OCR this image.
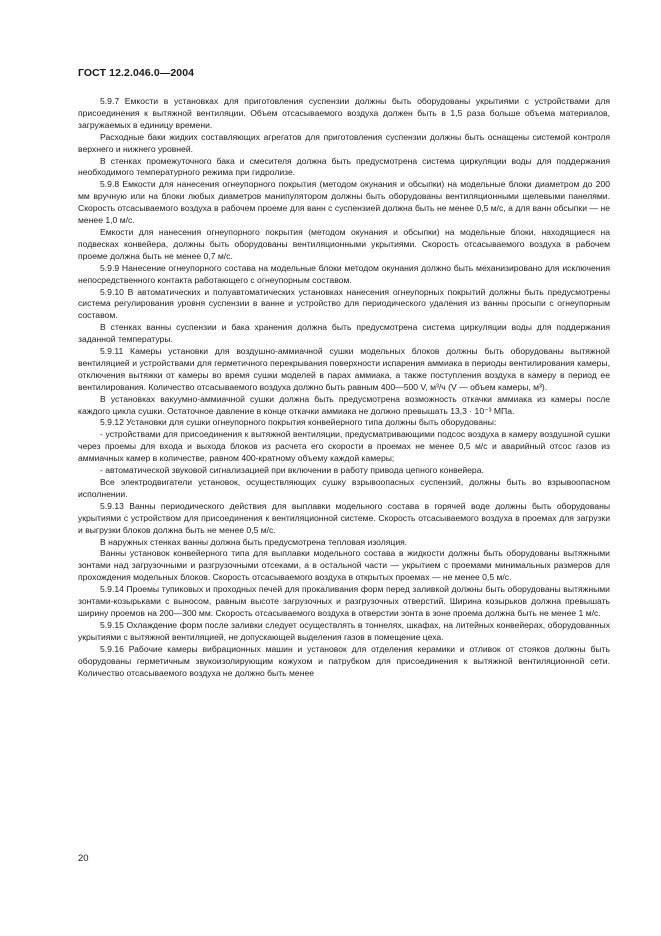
ГОСТ 12.2.046.0—2004

5.9.7 Емкости в установках для приготовления суспензии должны быть оборудованы укрытиями с устройствами для присоединения к вытяжной вентиляции. Объем отсасываемого воздуха должен быть в 1,5 раза больше объема материалов, загружаемых в единицу времени.

Расходные баки жидких составляющих агрегатов для приготовления суспензии должны быть оснащены системой контроля верхнего и нижнего уровней.

В стенках промежуточного бака и смесителя должна быть предусмотрена система циркуляции воды для поддержания необходимого температурного режима при гидролизе.

5.9.8 Емкости для нанесения огнеупорного покрытия (методом окунания и обсыпки) на модельные блоки диаметром до 200 мм вручную или на блоки любых диаметров манипулятором должны быть оборудованы вентиляционными щелевыми панелями. Скорость отсасываемого воздуха в рабочем проеме для ванн с суспензией должна быть не менее 0,5 м/с, а для ванн обсыпки — не менее 1,0 м/с.

Емкости для нанесения огнеупорного покрытия (методом окунания и обсыпки) на модельные блоки, находящиеся на подвесках конвейера, должны быть оборудованы вентиляционными укрытиями. Скорость отсасываемого воздуха в рабочем проеме должна быть не менее 0,7 м/с.

5.9.9 Нанесение огнеупорного состава на модельные блоки методом окунания должно быть механизировано для исключения непосредственного контакта работающего с огнеупорным составом.

5.9.10 В автоматических и полуавтоматических установках нанесения огнеупорных покрытий должны быть предусмотрены система регулирования уровня суспензии в ванне и устройство для периодического удаления из ванны просыпи с огнеупорным составом.

В стенках ванны суспензии и бака хранения должна быть предусмотрена система циркуляции воды для поддержания заданной температуры.

5.9.11 Камеры установки для воздушно-аммиачной сушки модельных блоков должны быть оборудованы вытяжной вентиляцией и устройствами для герметичного перекрывания поверхности испарения аммиака в периоды вентилирования камеры, отключения вытяжки от камеры во время сушки моделей в парах аммиака, а также поступления воздуха в камеру в период ее вентилирования. Количество отсасываемого воздуха должно быть равным 400—500 V, м³/ч (V — объем камеры, м³).

В установках вакуумно-аммиачной сушки должна быть предусмотрена возможность откачки аммиака из камеры после каждого цикла сушки. Остаточное давление в конце откачки аммиака не должно превышать 13,3 · 10⁻³ МПа.

5.9.12 Установки для сушки огнеупорного покрытия конвейерного типа должны быть оборудованы:

- устройствами для присоединения к вытяжной вентиляции, предусматривающими подсос воздуха в камеру воздушной сушки через проемы для входа и выхода блоков из расчета его скорости в проемах не менее 0,5 м/с и аварийный отсос газов из аммиачных камер в количестве, равном 400-кратному объему каждой камеры;

- автоматической звуковой сигнализацией при включении в работу привода цепного конвейера.

Все электродвигатели установок, осуществляющих сушку взрывоопасных суспензий, должны быть во взрывоопасном исполнении.

5.9.13 Ванны периодического действия для выплавки модельного состава в горячей воде должны быть оборудованы укрытиями с устройством для присоединения к вентиляционной системе. Скорость отсасываемого воздуха в проемах для загрузки и выгрузки блоков должна быть не менее 0,5 м/с.

В наружных стенках ванны должна быть предусмотрена тепловая изоляция.

Ванны установок конвейерного типа для выплавки модельного состава в жидкости должны быть оборудованы вытяжными зонтами над загрузочными и разгрузочными отсеками, а в остальной части — укрытием с проемами минимальных размеров для прохождения модельных блоков. Скорость отсасываемого воздуха в открытых проемах — не менее 0,5 м/с.

5.9.14 Проемы тупиковых и проходных печей для прокаливания форм перед заливкой должны быть оборудованы вытяжными зонтами-козырьками с выносом, равным высоте загрузочных и разгрузочных отверстий. Ширина козырьков должна превышать ширину проемов на 200—300 мм. Скорость отсасываемого воздуха в отверстии зонта в зоне проема должна быть не менее 1 м/с.

5.9.15 Охлаждение форм после заливки следует осуществлять в тоннелях, шкафах, на литейных конвейерах, оборудованных укрытиями с вытяжной вентиляцией, не допускающей выделения газов в помещение цеха.

5.9.16 Рабочие камеры вибрационных машин и установок для отделения керамики и отливок от стояков должны быть оборудованы герметичным звукоизолирующим кожухом и патрубком для присоединения к вытяжной вентиляционной сети. Количество отсасываемого воздуха не должно быть менее

20
